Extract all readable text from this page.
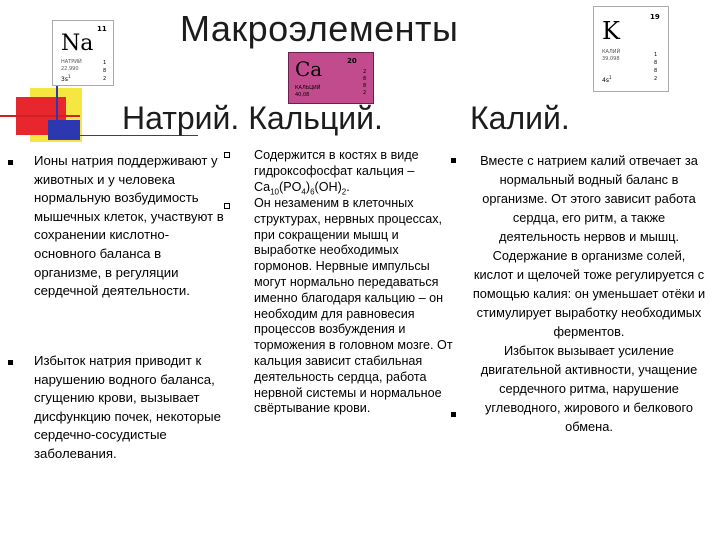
Na
11
НАТРИЙ
22,990
$3s^1$
1
8
2	Ca	20
КАЛЬЦИЙ
40,08
2
8
8
2
K	19
КАЛИЙ
39,098
$4s^1$
1
8
8
2
Макроэлементы
Натрий. Кальций.	Калий.
Ионы натрия поддерживают у животных и у человека нормальную возбудимость мышечных клеток, участвуют в сохранении кислотно-основного баланса в организме, в регуляции сердечной деятельности.
Избыток натрия приводит к нарушению водного баланса, сгущению крови, вызывает дисфункцию почек, некоторые сердечно-сосудистые заболевания.
Содержится в костях в виде гидроксофосфат кальция – $Ca_{10}(PO_4)_6(OH)_2$.
Он незаменим в клеточных структурах, нервных процессах, при сокращении мышц и выработке необходимых гормонов. Нервные импульсы могут нормально передаваться именно благодаря кальцию – он необходим для равновесия процессов возбуждения и торможения в головном мозге. От кальция зависит стабильная деятельность сердца, работа нервной системы и нормальное свёртывание крови.

Вместе с натрием калий отвечает за нормальный водный баланс в организме. От этого зависит работа сердца, его ритм, а также деятельность нервов и мышц. Содержание в организме солей, кислот и щелочей тоже регулируется с помощью калия: он уменьшает отёки и стимулирует выработку необходимых ферментов.

Избыток вызывает усиление двигательной активности, учащение сердечного ритма, нарушение углеводного, жирового и белкового обмена.
